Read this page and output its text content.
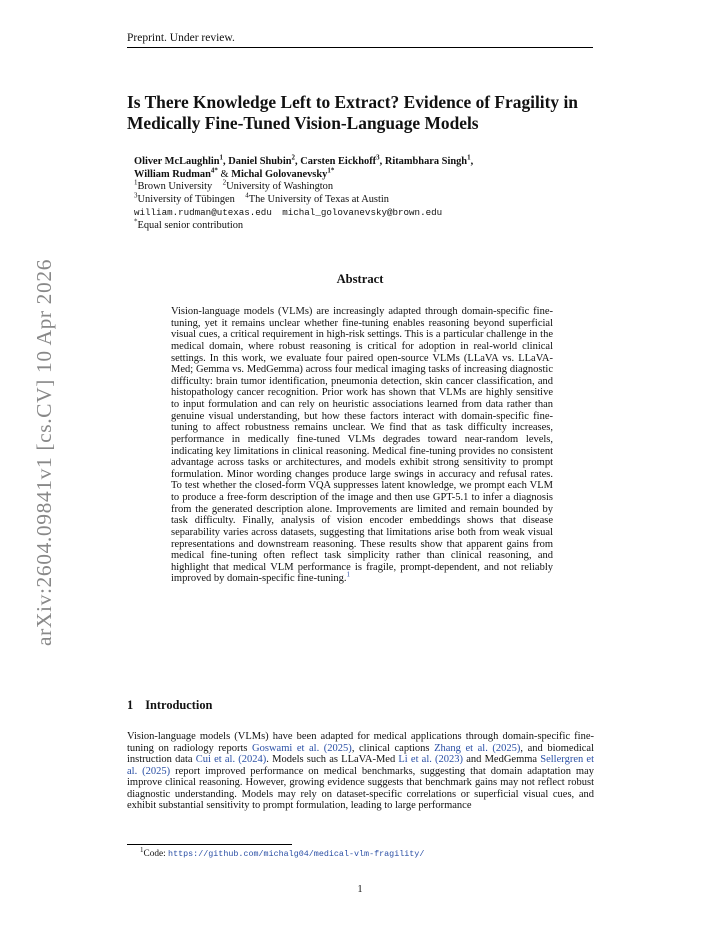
Preprint. Under review.
arXiv:2604.09841v1 [cs.CV] 10 Apr 2026
Is There Knowledge Left to Extract? Evidence of Fragility in Medically Fine-Tuned Vision-Language Models
Oliver McLaughlin$^1$, Daniel Shubin$^2$, Carsten Eickhoff$^3$, Ritambhara Singh$^1$,
William Rudman$^{4*}$ & Michal Golovanevsky$^{1*}$
$^1$Brown University $^2$University of Washington
$^3$University of Tübingen $^4$The University of Texas at Austin
william.rudman@utexas.edu michal_golovanevsky@brown.edu
*Equal senior contribution
Abstract

Vision-language models (VLMs) are increasingly adapted through domain-specific fine-tuning, yet it remains unclear whether fine-tuning enables reasoning beyond superficial visual cues, a critical requirement in high-risk settings. This is a particular challenge in the medical domain, where robust reasoning is critical for adoption in real-world clinical settings. In this work, we evaluate four paired open-source VLMs (LLaVA vs. LLaVA-Med; Gemma vs. MedGemma) across four medical imaging tasks of increasing diagnostic difficulty: brain tumor identification, pneumonia detection, skin cancer classification, and histopathology cancer recognition. Prior work has shown that VLMs are highly sensitive to input formulation and can rely on heuristic associations learned from data rather than genuine visual understanding, but how these factors interact with domain-specific fine-tuning to affect robustness remains unclear. We find that as task difficulty increases, performance in medically fine-tuned VLMs degrades toward near-random levels, indicating key limitations in clinical reasoning. Medical fine-tuning provides no consistent advantage across tasks or architectures, and models exhibit strong sensitivity to prompt formulation. Minor wording changes produce large swings in accuracy and refusal rates. To test whether the closed-form VQA suppresses latent knowledge, we prompt each VLM to produce a free-form description of the image and then use GPT-5.1 to infer a diagnosis from the generated description alone. Improvements are limited and remain bounded by task difficulty. Finally, analysis of vision encoder embeddings shows that disease separability varies across datasets, suggesting that limitations arise both from weak visual representations and downstream reasoning. These results show that apparent gains from medical fine-tuning often reflect task simplicity rather than clinical reasoning, and highlight that medical VLM performance is fragile, prompt-dependent, and not reliably improved by domain-specific fine-tuning.$^1$

1 Introduction

Vision-language models (VLMs) have been adapted for medical applications through domain-specific fine-tuning on radiology reports Goswami et al. (2025), clinical captions Zhang et al. (2025), and biomedical instruction data Cui et al. (2024). Models such as LLaVA-Med Li et al. (2023) and MedGemma Sellergren et al. (2025) report improved performance on medical benchmarks, suggesting that domain adaptation may improve clinical reasoning. However, growing evidence suggests that benchmark gains may not reflect robust diagnostic understanding. Models may rely on dataset-specific correlations or superficial visual cues, and exhibit substantial sensitivity to prompt formulation, leading to large performance

$^1$Code: https://github.com/michalg04/medical-vlm-fragility/
1
